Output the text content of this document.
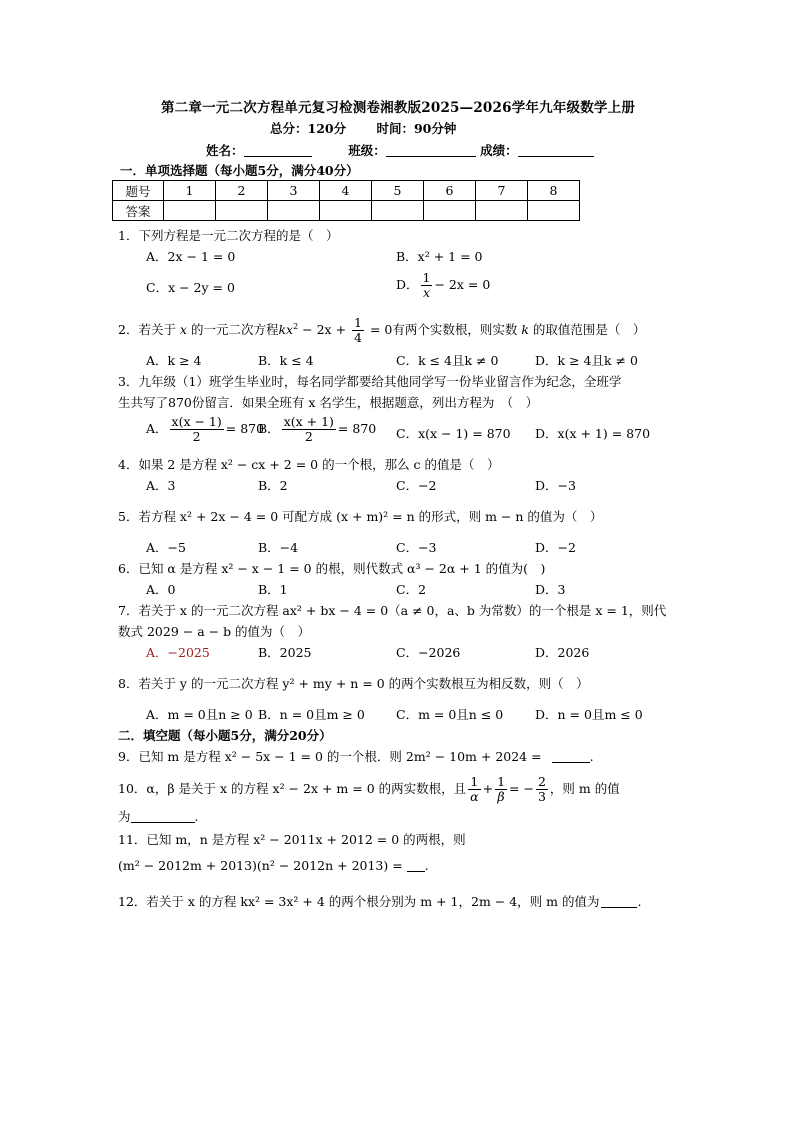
第二章一元二次方程单元复习检测卷湘教版2025—2026学年九年级数学上册
总分：120分 时间：90分钟
姓名：	班级：	成绩：
一．单项选择题（每小题5分，满分40分）
题号	1	2	3	4	5	6	7	8
答案								
1．下列方程是一元二次方程的是（　）
A．2x − 1 = 0	B．x² + 1 = 0
C．x − 2y = 0	D． $\frac{1}{x} - 2x = 0$
2．若关于 x 的一元二次方程$kx^2 - 2x + \frac{1}{4} = 0$有两个实数根，则实数 k 的取值范围是（　）
A．k ≥ 4	B．k ≤ 4	C．k ≤ 4且k ≠ 0	D．k ≥ 4且k ≠ 0
3．九年级（1）班学生毕业时，每名同学都要给其他同学写一份毕业留言作为纪念，全班学
生共写了870份留言．如果全班有 x 名学生，根据题意，列出方程为　（　）
A． $\frac{x(x - 1)}{2} = 870$
B． $\frac{x(x + 1)}{2} = 870$ C．x(x − 1) = 870 D．x(x + 1) = 870
4．如果 2 是方程 x² − cx + 2 = 0 的一个根，那么 c 的值是（　）
A．3	B．2	C．−2	D．−3
5．若方程 x² + 2x − 4 = 0 可配方成 (x + m)² = n 的形式，则 m − n 的值为（　）
A．−5	B．−4	C．−3	D．−2
6．已知 α 是方程 x² − x − 1 = 0 的根，则代数式 α³ − 2α + 1 的值为(　)
A．0	B．1	C．2	D．3
7．若关于 x 的一元二次方程 ax² + bx − 4 = 0（a ≠ 0，a、b 为常数）的一个根是 x = 1，则代
数式 2029 − a − b 的值为（　）
A．−2025	B．2025	C．−2026	D．2026
8．若关于 y 的一元二次方程 y² + my + n = 0 的两个实数根互为相反数，则（　）
A．m = 0且n ≥ 0 B．n = 0且m ≥ 0 C．m = 0且n ≤ 0	D．n = 0且m ≤ 0
二．填空题（每小题5分，满分20分）
9．已知 m 是方程 x² − 5x − 1 = 0 的一个根．则 2m² − 10m + 2024 =	.
10．α，β 是关于 x 的方程 x² − 2x + m = 0 的两实数根，且 $\frac{1}{\alpha} + \frac{1}{\beta}$ = − $\frac{2}{3}$ ，则 m 的值
为	.
11．已知 m，n 是方程 x² − 2011x + 2012 = 0 的两根，则
(m² − 2012m + 2013)(n² − 2012n + 2013) = .
12．若关于 x 的方程 kx² = 3x² + 4 的两个根分别为 m + 1，2m − 4，则 m 的值为	.
